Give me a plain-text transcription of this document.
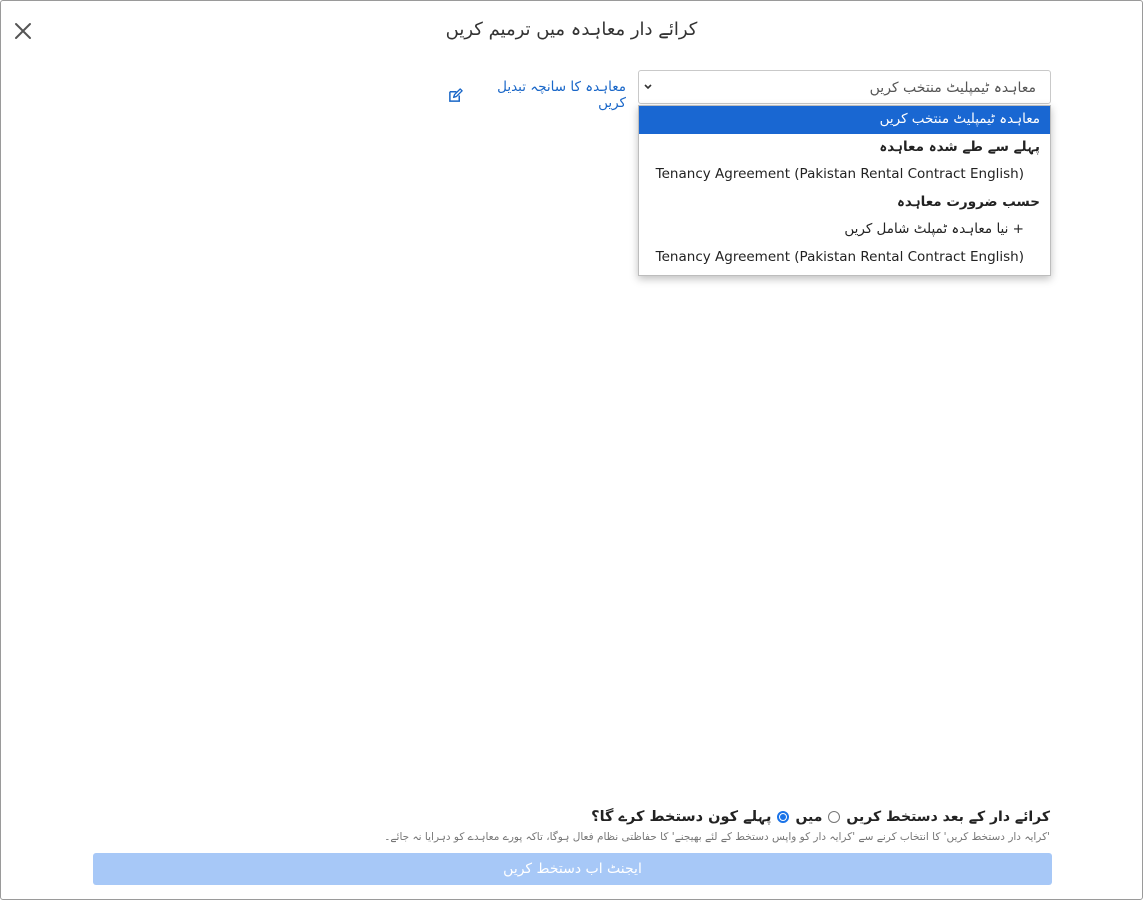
کرائے دار معاہدہ میں ترمیم کریں
معاہدہ کا سانچہ تبدیل کریں
معاہدہ ٹیمپلیٹ منتخب کریں
معاہدہ ٹیمپلیٹ منتخب کریں
پہلے سے طے شدہ معاہدہ
Tenancy Agreement (Pakistan Rental Contract English)
حسب ضرورت معاہدہ
+ نیا معاہدہ ٹمپلٹ شامل کریں
Tenancy Agreement (Pakistan Rental Contract English)
پہلے کون دستخط کرے گا؟ میں کرائے دار کے بعد دستخط کریں
'کرایہ دار دستخط کریں' کا انتخاب کرنے سے 'کرایہ دار کو واپس دستخط کے لئے بھیجنے' کا حفاظتی نظام فعال ہوگا، تاکہ پورے معاہدے کو دہرایا نہ جائے۔
ایجنٹ اب دستخط کریں
